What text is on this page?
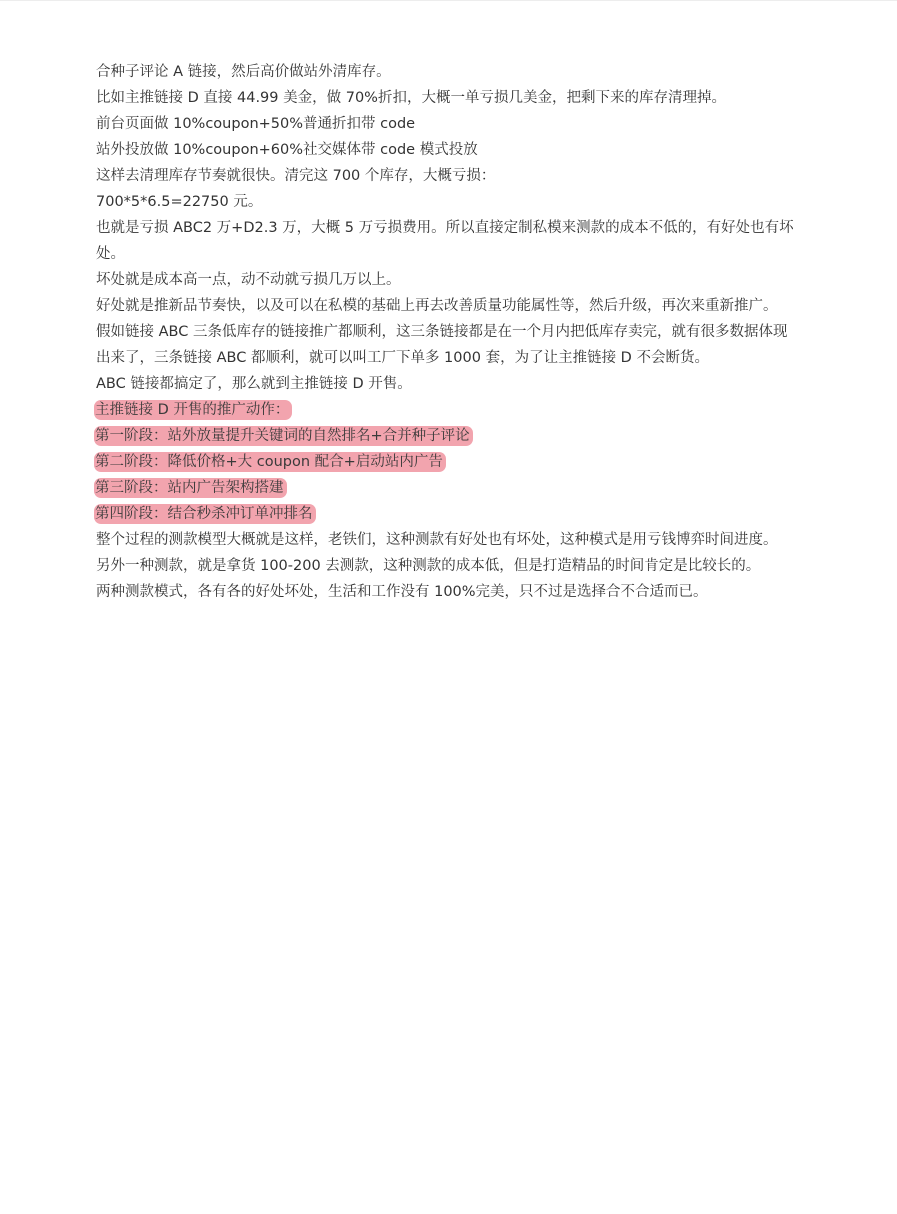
合种子评论 A 链接，然后高价做站外清库存。

比如主推链接 D 直接 44.99 美金，做 70%折扣，大概一单亏损几美金，把剩下来的库存清理掉。

前台页面做 10%coupon+50%普通折扣带 code

站外投放做 10%coupon+60%社交媒体带 code 模式投放

这样去清理库存节奏就很快。清完这 700 个库存，大概亏损：

700*5*6.5=22750 元。

也就是亏损 ABC2 万+D2.3 万，大概 5 万亏损费用。所以直接定制私模来测款的成本不低的，有好处也有坏处。

坏处就是成本高一点，动不动就亏损几万以上。

好处就是推新品节奏快，以及可以在私模的基础上再去改善质量功能属性等，然后升级，再次来重新推广。

假如链接 ABC 三条低库存的链接推广都顺利，这三条链接都是在一个月内把低库存卖完，就有很多数据体现出来了，三条链接 ABC 都顺利，就可以叫工厂下单多 1000 套，为了让主推链接 D 不会断货。

ABC 链接都搞定了，那么就到主推链接 D 开售。

主推链接 D 开售的推广动作：
第一阶段：站外放量提升关键词的自然排名+合并种子评论
第二阶段：降低价格+大 coupon 配合+启动站内广告
第三阶段：站内广告架构搭建
第四阶段：结合秒杀冲订单冲排名

整个过程的测款模型大概就是这样，老铁们，这种测款有好处也有坏处，这种模式是用亏钱博弈时间进度。

另外一种测款，就是拿货 100-200 去测款，这种测款的成本低，但是打造精品的时间肯定是比较长的。

两种测款模式，各有各的好处坏处，生活和工作没有 100%完美，只不过是选择合不合适而已。
